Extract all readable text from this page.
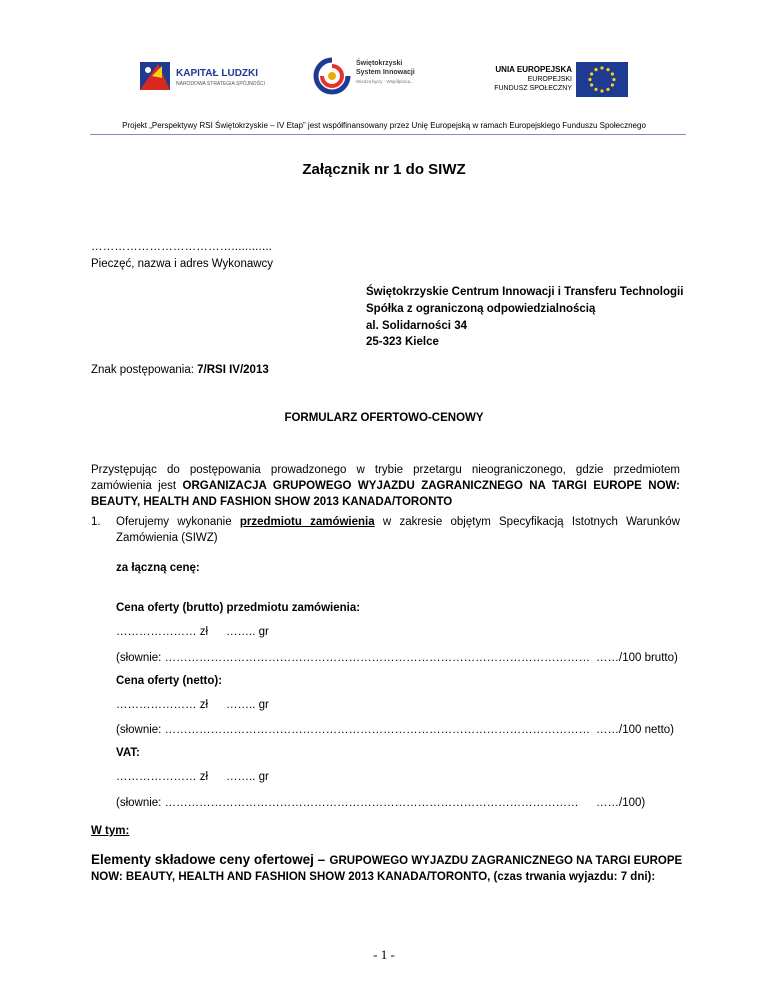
KAPITAŁ LUDZKI
NARODOWA STRATEGIA SPÓJNOŚCI
Świętokrzyski
System Innowacji
Wiedza łączy · Współpraca...
UNIA EUROPEJSKA
EUROPEJSKI
FUNDUSZ SPOŁECZNY
Projekt „Perspektywy RSI Świętokrzyskie – IV Etap” jest współfinansowany przez Unię Europejską w ramach Europejskiego Funduszu Społecznego
Załącznik nr 1 do SIWZ
………………………………............
Pieczęć, nazwa i adres Wykonawcy
Świętokrzyskie Centrum Innowacji i Transferu Technologii
Spółka z ograniczoną odpowiedzialnością
al. Solidarności 34
25-323 Kielce
Znak postępowania: 7/RSI IV/2013
FORMULARZ OFERTOWO-CENOWY
Przystępując do postępowania prowadzonego w trybie przetargu nieograniczonego, gdzie przedmiotem
zamówienia jest ORGANIZACJA GRUPOWEGO WYJAZDU ZAGRANICZNEGO NA TARGI EUROPE NOW:
BEAUTY, HEALTH AND FASHION SHOW 2013 KANADA/TORONTO
1. Oferujemy wykonanie przedmiotu zamówienia w zakresie objętym Specyfikacją Istotnych Warunków
Zamówienia (SIWZ)
za łączną cenę:
Cena oferty (brutto) przedmiotu zamówienia:
………………… zł …….. gr
(słownie: ………………………………………………………………………………………………… ……/100 brutto)
Cena oferty (netto):
………………… zł …….. gr
(słownie: ………………………………………………………………………………………………… ……/100 netto)
VAT:
………………… zł …….. gr
(słownie: ……………………………………………………………………………………………… ……/100)
W tym:
Elementy składowe ceny ofertowej – GRUPOWEGO WYJAZDU ZAGRANICZNEGO NA TARGI EUROPE
NOW: BEAUTY, HEALTH AND FASHION SHOW 2013 KANADA/TORONTO, (czas trwania wyjazdu: 7 dni):
- 1 -
